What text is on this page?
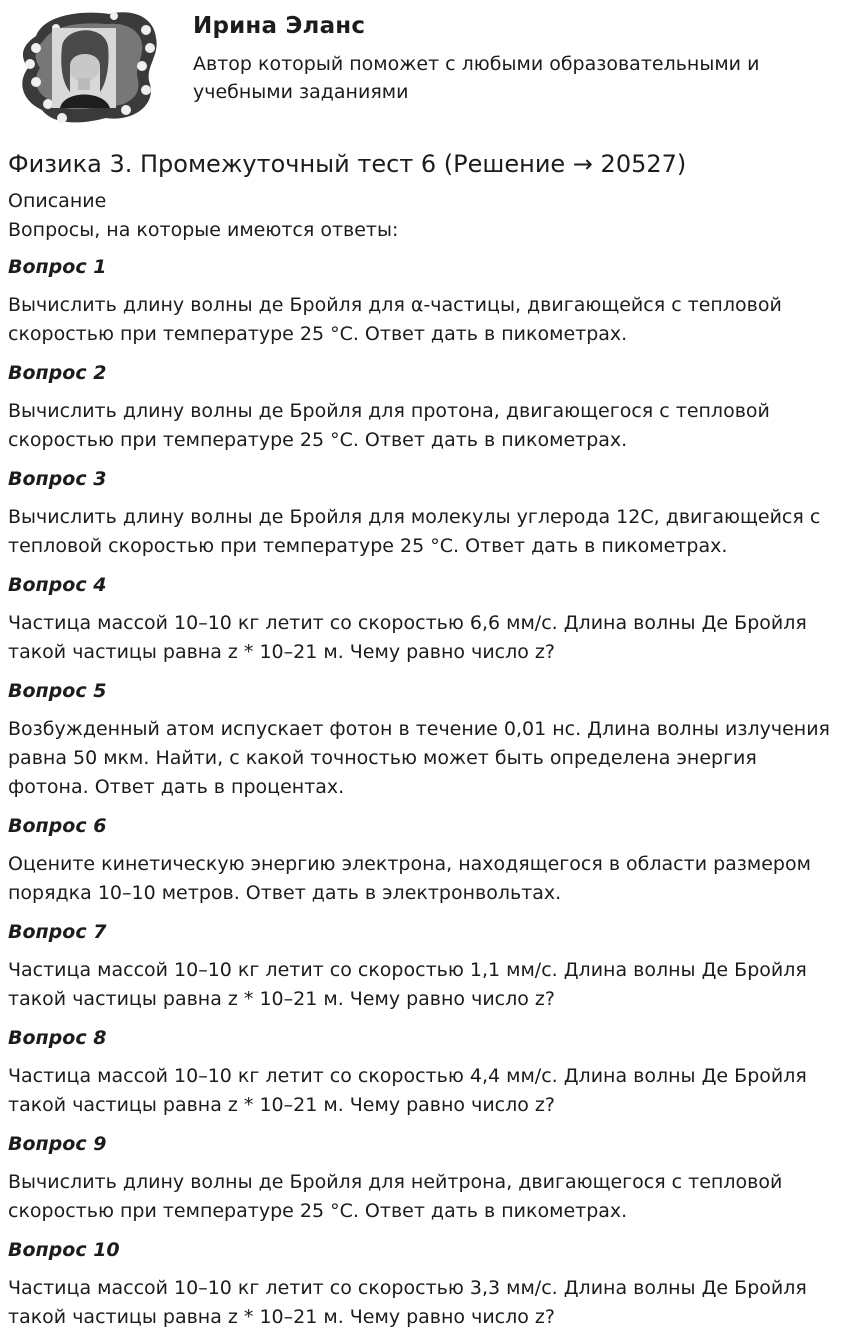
Ирина Эланс

Автор который поможет с любыми образовательными и учебными заданиями

Физика 3. Промежуточный тест 6 (Решение → 20527)

Описание

Вопросы, на которые имеются ответы:

Вопрос 1

Вычислить длину волны де Бройля для α-частицы, двигающейся с тепловой скоростью при температуре 25 °C. Ответ дать в пикометрах.

Вопрос 2

Вычислить длину волны де Бройля для протона, двигающегося с тепловой скоростью при температуре 25 °C. Ответ дать в пикометрах.

Вопрос 3

Вычислить длину волны де Бройля для молекулы углерода 12C, двигающейся с тепловой скоростью при температуре 25 °C. Ответ дать в пикометрах.

Вопрос 4

Частица массой 10–10 кг летит со скоростью 6,6 мм/с. Длина волны Де Бройля такой частицы равна z * 10–21 м. Чему равно число z?

Вопрос 5

Возбужденный атом испускает фотон в течение 0,01 нс. Длина волны излучения равна 50 мкм. Найти, с какой точностью может быть определена энергия фотона. Ответ дать в процентах.

Вопрос 6

Оцените кинетическую энергию электрона, находящегося в области размером порядка 10–10 метров. Ответ дать в электронвольтах.

Вопрос 7

Частица массой 10–10 кг летит со скоростью 1,1 мм/с. Длина волны Де Бройля такой частицы равна z * 10–21 м. Чему равно число z?

Вопрос 8

Частица массой 10–10 кг летит со скоростью 4,4 мм/с. Длина волны Де Бройля такой частицы равна z * 10–21 м. Чему равно число z?

Вопрос 9

Вычислить длину волны де Бройля для нейтрона, двигающегося с тепловой скоростью при температуре 25 °C. Ответ дать в пикометрах.

Вопрос 10

Частица массой 10–10 кг летит со скоростью 3,3 мм/с. Длина волны Де Бройля такой частицы равна z * 10–21 м. Чему равно число z?
